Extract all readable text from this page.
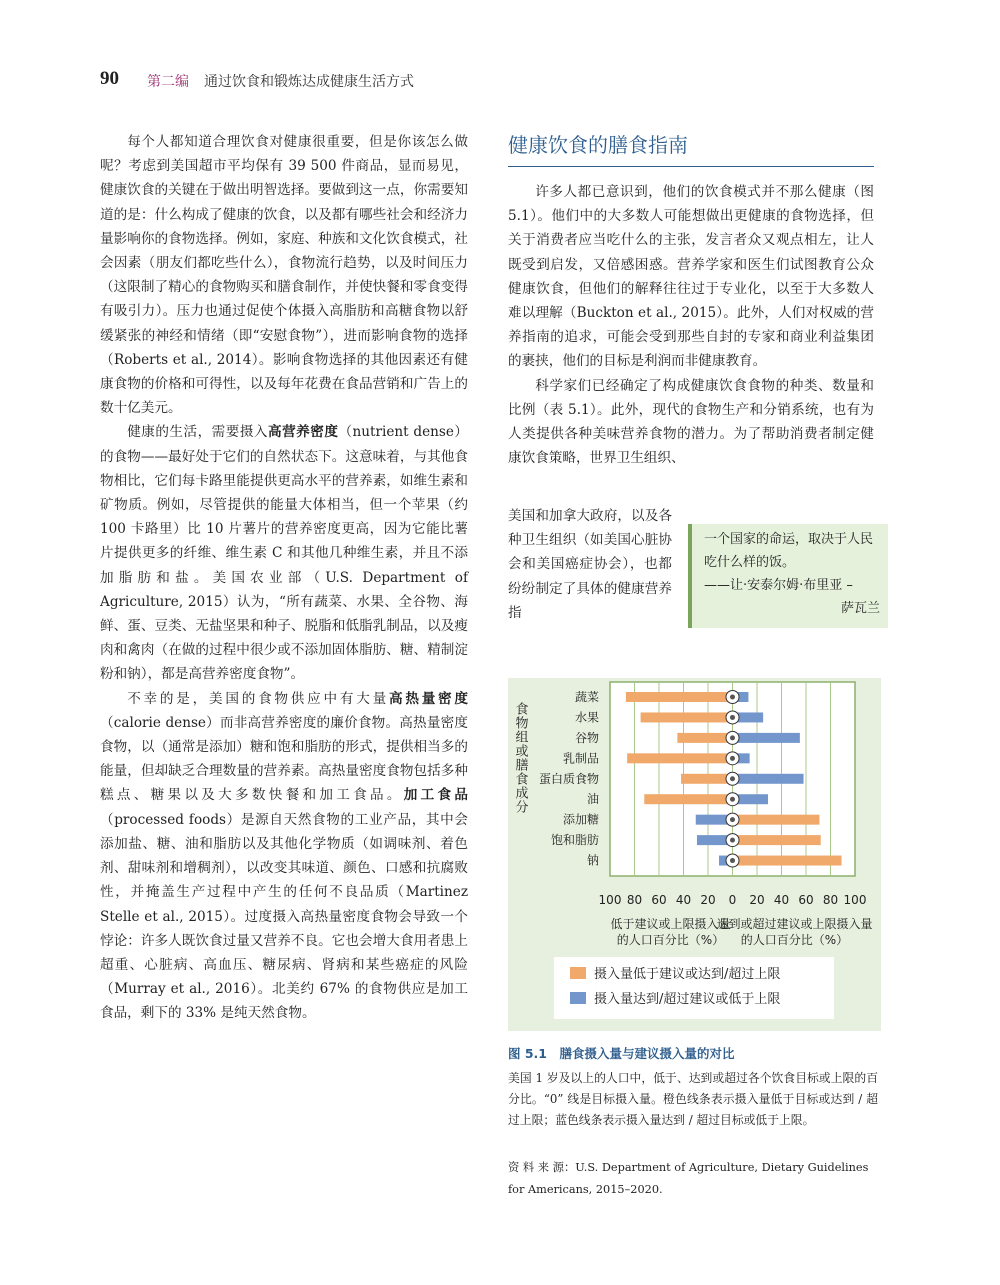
90 第二编 通过饮食和锻炼达成健康生活方式

每个人都知道合理饮食对健康很重要，但是你该怎么做呢？考虑到美国超市平均保有 39 500 件商品，显而易见，健康饮食的关键在于做出明智选择。要做到这一点，你需要知道的是：什么构成了健康的饮食，以及都有哪些社会和经济力量影响你的食物选择。例如，家庭、种族和文化饮食模式，社会因素（朋友们都吃些什么），食物流行趋势，以及时间压力（这限制了精心的食物购买和膳食制作，并使快餐和零食变得有吸引力）。压力也通过促使个体摄入高脂肪和高糖食物以舒缓紧张的神经和情绪（即“安慰食物”），进而影响食物的选择（Roberts et al., 2014）。影响食物选择的其他因素还有健康食物的价格和可得性，以及每年花费在食品营销和广告上的数十亿美元。

健康的生活，需要摄入高营养密度（nutrient dense）的食物——最好处于它们的自然状态下。这意味着，与其他食物相比，它们每卡路里能提供更高水平的营养素，如维生素和矿物质。例如，尽管提供的能量大体相当，但一个苹果（约 100 卡路里）比 10 片薯片的营养密度更高，因为它能比薯片提供更多的纤维、维生素 C 和其他几种维生素，并且不添加脂肪和盐。美国农业部（U.S. Department of Agriculture, 2015）认为，“所有蔬菜、水果、全谷物、海鲜、蛋、豆类、无盐坚果和种子、脱脂和低脂乳制品，以及瘦肉和禽肉（在做的过程中很少或不添加固体脂肪、糖、精制淀粉和钠），都是高营养密度食物”。

不幸的是，美国的食物供应中有大量高热量密度（calorie dense）而非高营养密度的廉价食物。高热量密度食物，以（通常是添加）糖和饱和脂肪的形式，提供相当多的能量，但却缺乏合理数量的营养素。高热量密度食物包括多种糕点、糖果以及大多数快餐和加工食品。加工食品（processed foods）是源自天然食物的工业产品，其中会添加盐、糖、油和脂肪以及其他化学物质（如调味剂、着色剂、甜味剂和增稠剂），以改变其味道、颜色、口感和抗腐败性，并掩盖生产过程中产生的任何不良品质（Martinez Stelle et al., 2015）。过度摄入高热量密度食物会导致一个悖论：许多人既饮食过量又营养不良。它也会增大食用者患上超重、心脏病、高血压、糖尿病、肾病和某些癌症的风险（Murray et al., 2016）。北美约 67% 的食物供应是加工食品，剩下的 33% 是纯天然食物。

健康饮食的膳食指南

许多人都已意识到，他们的饮食模式并不那么健康（图 5.1）。他们中的大多数人可能想做出更健康的食物选择，但关于消费者应当吃什么的主张，发言者众又观点相左，让人既受到启发，又倍感困惑。营养学家和医生们试图教育公众健康饮食，但他们的解释往往过于专业化，以至于大多数人难以理解（Buckton et al., 2015）。此外，人们对权威的营养指南的追求，可能会受到那些自封的专家和商业利益集团的裹挟，他们的目标是利润而非健康教育。

科学家们已经确定了构成健康饮食食物的种类、数量和比例（表 5.1）。此外，现代的食物生产和分销系统，也有为人类提供各种美味营养食物的潜力。为了帮助消费者制定健康饮食策略，世界卫生组织、

美国和加拿大政府，以及各种卫生组织（如美国心脏协会和美国癌症协会），也都纷纷制定了具体的健康营养指
一个国家的命运，取决于人民吃什么样的饭。
——让·安泰尔姆·布里亚 –
萨瓦兰
100 80 60 40 20 0 20 40 60 80 100
蔬菜
水果
谷物
乳制品
蛋白质食物
油
添加糖
饱和脂肪
钠
食物组或膳食成分
低于建议或上限摄入量
的人口百分比（%）
达到或超过建议或上限摄入量
的人口百分比（%）
摄入量低于建议或达到/超过上限
摄入量达到/超过建议或低于上限
图 5.1　膳食摄入量与建议摄入量的对比
美国 1 岁及以上的人口中，低于、达到或超过各个饮食目标或上限的百分比。“0” 线是目标摄入量。橙色线条表示摄入量低于目标或达到 / 超过上限；蓝色线条表示摄入量达到 / 超过目标或低于上限。
资 料 来 源：U.S. Department of Agriculture, Dietary Guidelines for Americans, 2015–2020.
